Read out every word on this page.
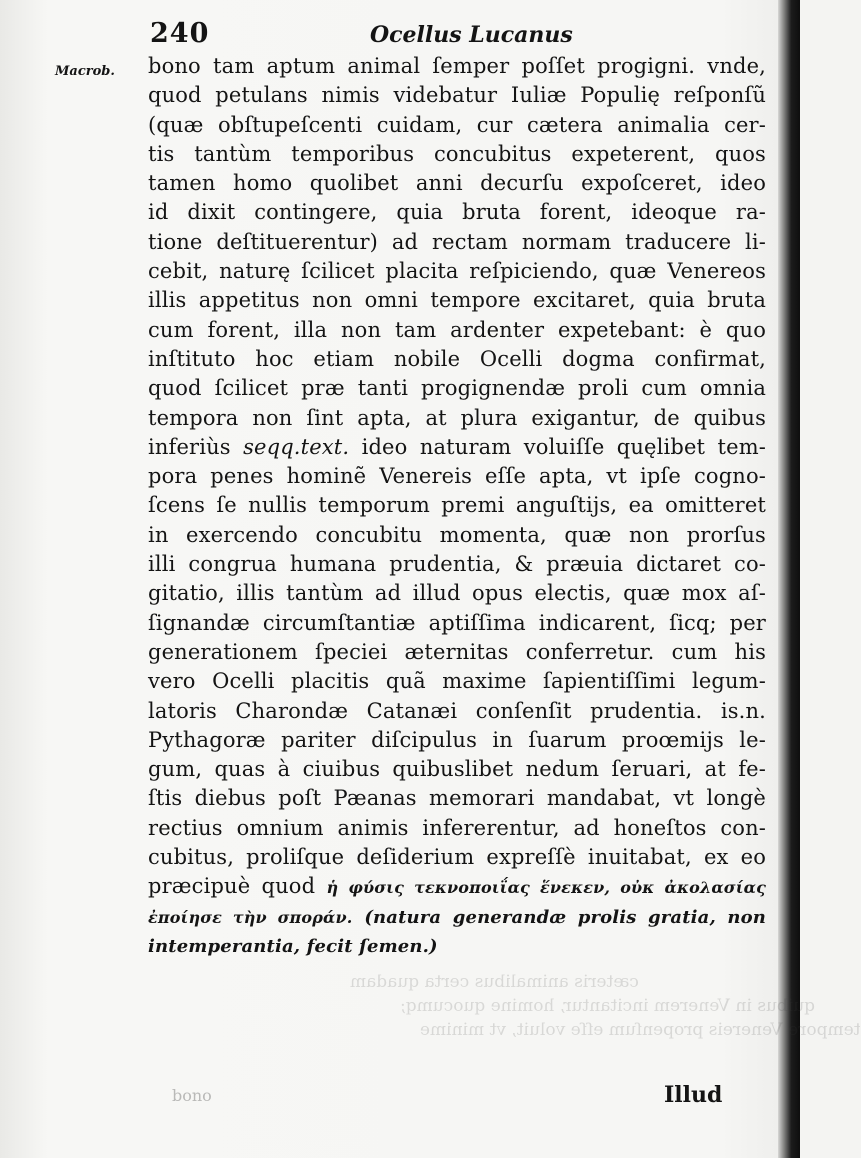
cæteris animalibus certa quadam
quibus in Venerem incitantur, homine quocumq;
tempore Venereis propenſum eſſe voluit, vt minime
bono
240	Ocellus Lucanus
Macrob. bono tam aptum animal ſemper poſſet progigni. vnde,
quod petulans nimis videbatur Iuliæ Populię reſponſũ
(quæ obſtupeſcenti cuidam, cur cætera animalia cer-
tis tantùm temporibus concubitus expeterent, quos
tamen homo quolibet anni decurſu expoſceret, ideo
id dixit contingere, quia bruta forent, ideoque ra-
tione deſtituerentur) ad rectam normam traducere li-
cebit, naturę ſcilicet placita reſpiciendo, quæ Venereos
illis appetitus non omni tempore excitaret, quia bruta
cum forent, illa non tam ardenter expetebant: è quo
inſtituto hoc etiam nobile Ocelli dogma confirmat,
quod ſcilicet præ tanti progignendæ proli cum omnia
tempora non ſint apta, at plura exigantur, de quibus
inferiùs seqq.text. ideo naturam voluiſſe quęlibet tem-
pora penes hominẽ Venereis eſſe apta, vt ipſe cogno-
ſcens ſe nullis temporum premi anguſtijs, ea omitteret
in exercendo concubitu momenta, quæ non prorſus
illi congrua humana prudentia, & præuia dictaret co-
gitatio, illis tantùm ad illud opus electis, quæ mox aſ-
ſignandæ circumſtantiæ aptiſſima indicarent, ſicq; per
generationem ſpeciei æternitas conferretur. cum his
vero Ocelli placitis quã maxime ſapientiſſimi legum-
latoris Charondæ Catanæi conſenſit prudentia. is.n.
Pythagoræ pariter diſcipulus in ſuarum proœmijs le-
gum, quas à ciuibus quibuslibet nedum ſeruari, at fe-
ſtis diebus poſt Pæanas memorari mandabat, vt longè
rectius omnium animis infererentur, ad honeſtos con-
cubitus, proliſque deſiderium expreſſè inuitabat, ex eo
præcipuè quod ἡ φύσις τεκνοποιΐας ἕνεκεν, οὐκ ἀκολασίας
ἐποίησε τὴν σποράν. (natura generandæ prolis gratia, non
intemperantia, fecit ſemen.)
Illud
